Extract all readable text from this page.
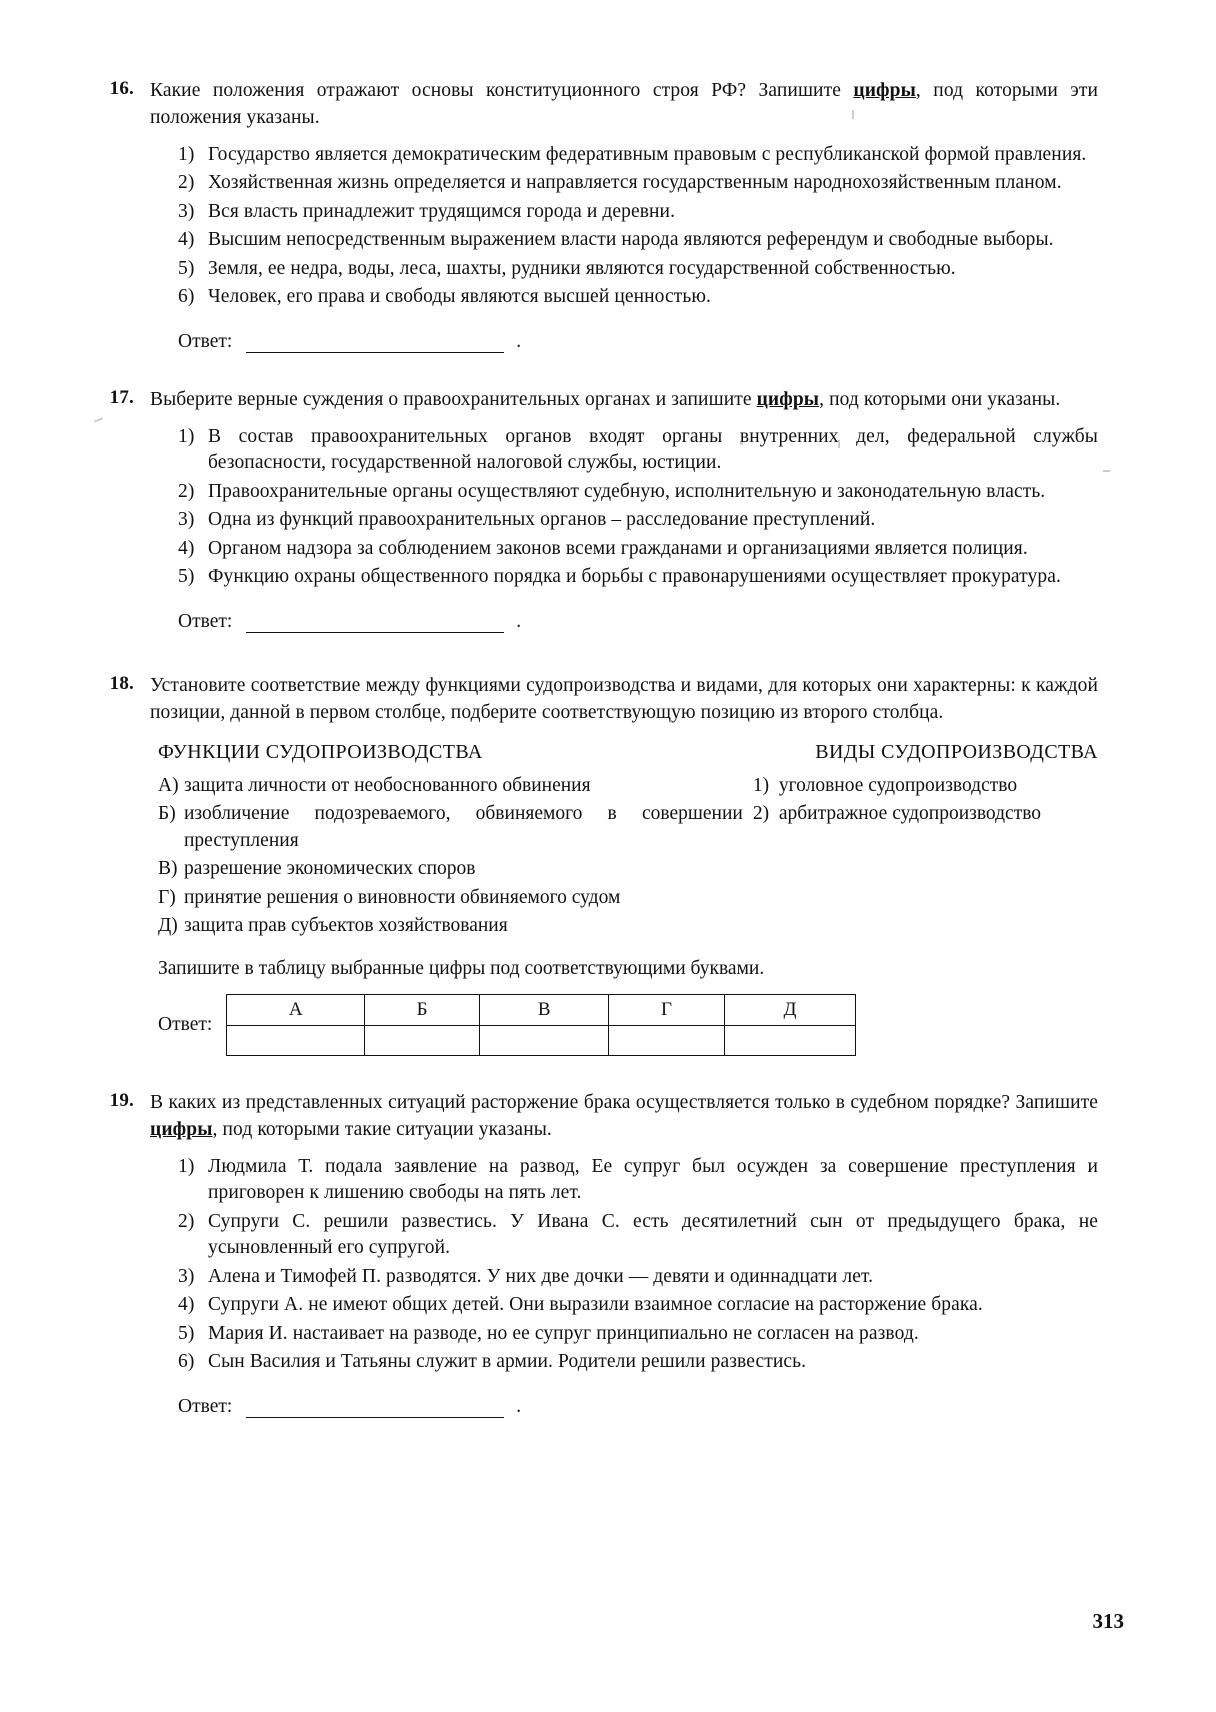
16. Какие положения отражают основы конституционного строя РФ? Запишите цифры, под которыми эти положения указаны.
1) Государство является демократическим федеративным правовым с республиканской формой правления.
2) Хозяйственная жизнь определяется и направляется государственным народнохозяйственным планом.
3) Вся власть принадлежит трудящимся города и деревни.
4) Высшим непосредственным выражением власти народа являются референдум и свободные выборы.
5) Земля, ее недра, воды, леса, шахты, рудники являются государственной собственностью.
6) Человек, его права и свободы являются высшей ценностью.
Ответ:	.
17. Выберите верные суждения о правоохранительных органах и запишите цифры, под которыми они указаны.
1) В состав правоохранительных органов входят органы внутренних дел, федеральной службы безопасности, государственной налоговой службы, юстиции.
2) Правоохранительные органы осуществляют судебную, исполнительную и законодательную власть.
3) Одна из функций правоохранительных органов – расследование преступлений.
4) Органом надзора за соблюдением законов всеми гражданами и организациями является полиция.
5) Функцию охраны общественного порядка и борьбы с правонарушениями осуществляет прокуратура.
Ответ:	.
18. Установите соответствие между функциями судопроизводства и видами, для которых они характерны: к каждой позиции, данной в первом столбце, подберите соответствующую позицию из второго столбца.
ФУНКЦИИ СУДОПРОИЗВОДСТВА
А) защита личности от необоснованного обвинения
Б) изобличение подозреваемого, обвиняемого в совершении преступления
В) разрешение экономических споров
Г) принятие решения о виновности обвиняемого судом
Д) защита прав субъектов хозяйствования
ВИДЫ СУДОПРОИЗВОДСТВА
1) уголовное судопроизводство
2) арбитражное судопроизводство
Запишите в таблицу выбранные цифры под соответствующими буквами.
Ответ:
А	Б	В	Г	Д

19. В каких из представленных ситуаций расторжение брака осуществляется только в судебном порядке? Запишите цифры, под которыми такие ситуации указаны.
1) Людмила Т. подала заявление на развод, Ее супруг был осужден за совершение преступления и приговорен к лишению свободы на пять лет.
2) Супруги С. решили развестись. У Ивана С. есть десятилетний сын от предыдущего брака, не усыновленный его супругой.
3) Алена и Тимофей П. разводятся. У них две дочки — девяти и одиннадцати лет.
4) Супруги А. не имеют общих детей. Они выразили взаимное согласие на расторжение брака.
5) Мария И. настаивает на разводе, но ее супруг принципиально не согласен на развод.
6) Сын Василия и Татьяны служит в армии. Родители решили развестись.
Ответ:	.
313
